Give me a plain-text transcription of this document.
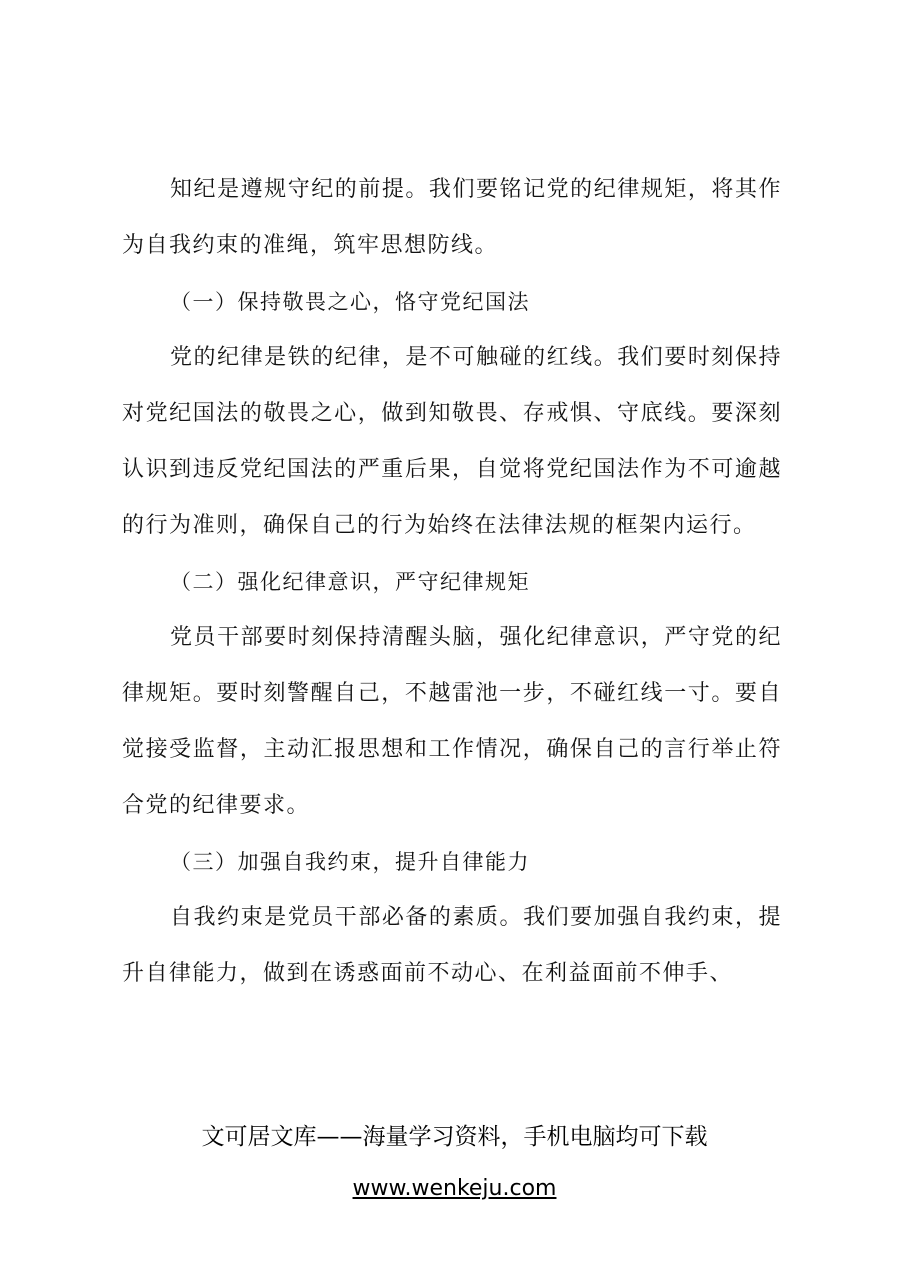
知纪是遵规守纪的前提。我们要铭记党的纪律规矩，将其作为自我约束的准绳，筑牢思想防线。

（一）保持敬畏之心，恪守党纪国法

党的纪律是铁的纪律，是不可触碰的红线。我们要时刻保持对党纪国法的敬畏之心，做到知敬畏、存戒惧、守底线。要深刻认识到违反党纪国法的严重后果，自觉将党纪国法作为不可逾越的行为准则，确保自己的行为始终在法律法规的框架内运行。

（二）强化纪律意识，严守纪律规矩

党员干部要时刻保持清醒头脑，强化纪律意识，严守党的纪律规矩。要时刻警醒自己，不越雷池一步，不碰红线一寸。要自觉接受监督，主动汇报思想和工作情况，确保自己的言行举止符合党的纪律要求。

（三）加强自我约束，提升自律能力

自我约束是党员干部必备的素质。我们要加强自我约束，提升自律能力，做到在诱惑面前不动心、在利益面前不伸手、

文可居文库——海量学习资料，手机电脑均可下载
www.wenkeju.com
